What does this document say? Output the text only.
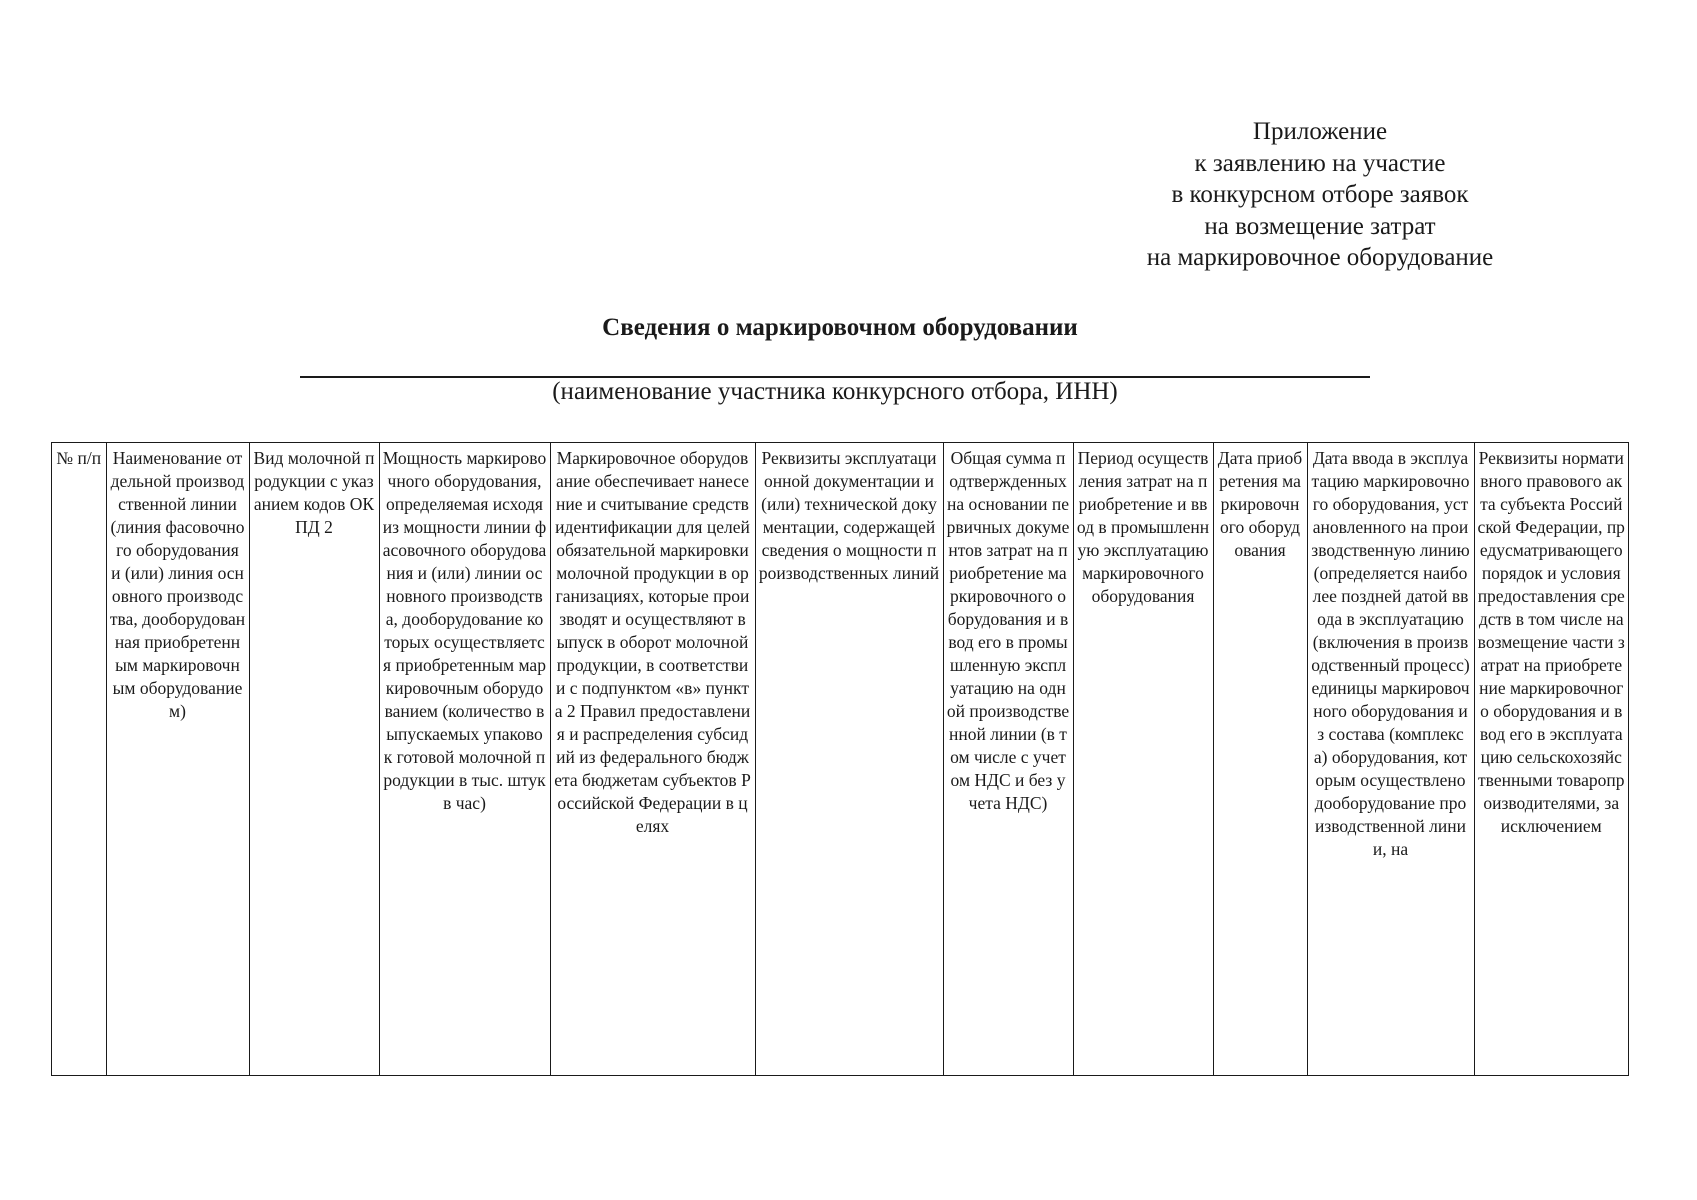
Приложение
к заявлению на участие
в конкурсном отборе заявок
на возмещение затрат
на маркировочное оборудование
Сведения о маркировочном оборудовании
(наименование участника конкурсного отбора, ИНН)
№ п/п	Наименование отдельной производственной линии (линия фасовочного оборудования и (или) линия основного производства, дооборудованная приобретенным маркировочным оборудованием)	Вид молочной продукции с указанием кодов ОКПД 2	Мощность маркировочного оборудования, определяемая исходя из мощности линии фасовочного оборудования и (или) линии основного производства, дооборудование которых осуществляется приобретенным маркировочным оборудованием (количество выпускаемых упаковок готовой молочной продукции в тыс. штук в час)	Маркировочное оборудование обеспечивает нанесение и считывание средств идентификации для целей обязательной маркировки молочной продукции в организациях, которые производят и осуществляют выпуск в оборот молочной продукции, в соответствии с подпунктом «в» пункта 2 Правил предоставления и распределения субсидий из федерального бюджета бюджетам субъектов Российской Федерации в целях	Реквизиты эксплуатационной документации и (или) технической документации, содержащей сведения о мощности производственных линий	Общая сумма подтвержденных на основании первичных документов затрат на приобретение маркировочного оборудования и ввод его в промышленную эксплуатацию на одной производственной линии (в том числе с учетом НДС и без учета НДС)	Период осуществления затрат на приобретение и ввод в промышленную эксплуатацию маркировочного оборудования	Дата приобретения маркировочного оборудования	Дата ввода в эксплуатацию маркировочного оборудования, установленного на производственную линию (определяется наиболее поздней датой ввода в эксплуатацию (включения в производственный процесс) единицы маркировочного оборудования из состава (комплекса) оборудования, которым осуществлено дооборудование производственной линии, на	Реквизиты нормативного правового акта субъекта Российской Федерации, предусматривающего порядок и условия предоставления средств в том числе на возмещение части затрат на приобретение маркировочного оборудования и ввод его в эксплуатацию сельскохозяйственными товаропроизводителями, за исключением
